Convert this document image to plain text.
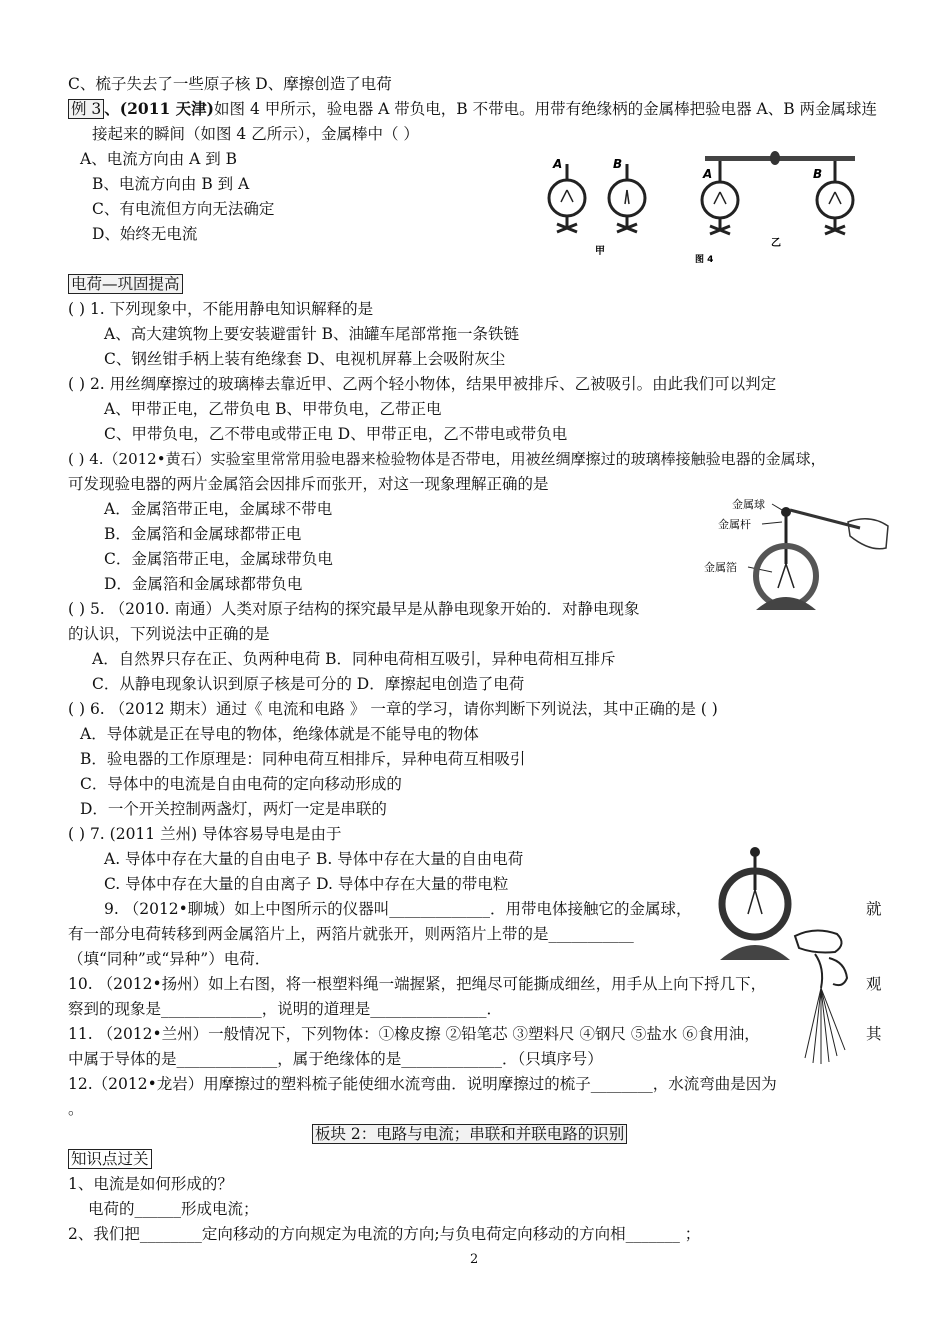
C、梳子失去了一些原子核 D、摩擦创造了电荷
例 3 、(2011 天津)如图 4 甲所示，验电器 A 带负电，B 不带电。用带有绝缘柄的金属棒把验电器 A、B 两金属球连
接起来的瞬间（如图 4 乙所示），金属棒中（ ）
A、电流方向由 A 到 B
B、电流方向由 B 到 A
C、有电流但方向无法确定
D、始终无电流
电荷—巩固提高
( ) 1. 下列现象中，不能用静电知识解释的是
A、高大建筑物上要安装避雷针 B、油罐车尾部常拖一条铁链
C、钢丝钳手柄上装有绝缘套 D、电视机屏幕上会吸附灰尘
( ) 2. 用丝绸摩擦过的玻璃棒去靠近甲、乙两个轻小物体，结果甲被排斥、乙被吸引。由此我们可以判定
A、甲带正电，乙带负电 B、甲带负电，乙带正电
C、甲带负电，乙不带电或带正电 D、甲带正电，乙不带电或带负电
( ) 4.（2012•黄石）实验室里常常用验电器来检验物体是否带电，用被丝绸摩擦过的玻璃棒接触验电器的金属球，
可发现验电器的两片金属箔会因排斥而张开，对这一现象理解正确的是
A．金属箔带正电，金属球不带电
B．金属箔和金属球都带正电
C．金属箔带正电，金属球带负电
D．金属箔和金属球都带负电
( ) 5. （2010. 南通）人类对原子结构的探究最早是从静电现象开始的．对静电现象
的认识，下列说法中正确的是
A．自然界只存在正、负两种电荷 B．同种电荷相互吸引，异种电荷相互排斥
C．从静电现象认识到原子核是可分的 D．摩擦起电创造了电荷
( ) 6. （2012 期末）通过《 电流和电路 》 一章的学习，请你判断下列说法，其中正确的是 ( )
A．导体就是正在导电的物体，绝缘体就是不能导电的物体
B．验电器的工作原理是：同种电荷互相排斥，异种电荷互相吸引
C．导体中的电流是自由电荷的定向移动形成的
D．一个开关控制两盏灯，两灯一定是串联的
( ) 7. (2011 兰州) 导体容易导电是由于
A. 导体中存在大量的自由电子 B. 导体中存在大量的自由电荷
C. 导体中存在大量的自由离子 D. 导体中存在大量的带电粒
9. （2012•聊城）如上中图所示的仪器叫_____________．用带电体接触它的金属球，	就
有一部分电荷转移到两金属箔片上，两箔片就张开，则两箔片上带的是___________
（填“同种”或“异种”）电荷．
10. （2012•扬州）如上右图，将一根塑料绳一端握紧，把绳尽可能撕成细丝，用手从上向下捋几下，	观
察到的现象是_____________，说明的道理是_______________．
11. （2012•兰州）一般情况下，下列物体：①橡皮擦 ②铅笔芯 ③塑料尺 ④钢尺 ⑤盐水 ⑥食用油，	其
中属于导体的是_____________，属于绝缘体的是_____________．（只填序号）
12.（2012•龙岩）用摩擦过的塑料梳子能使细水流弯曲．说明摩擦过的梳子________，水流弯曲是因为
。
板块 2：电路与电流；串联和并联电路的识别
知识点过关
1、电流是如何形成的？
电荷的______形成电流；
2、我们把________定向移动的方向规定为电流的方向;与负电荷定向移动的方向相_______ ；
2
A	B
甲
A	B
乙
图 4
金属球
金属杆
金属箔
